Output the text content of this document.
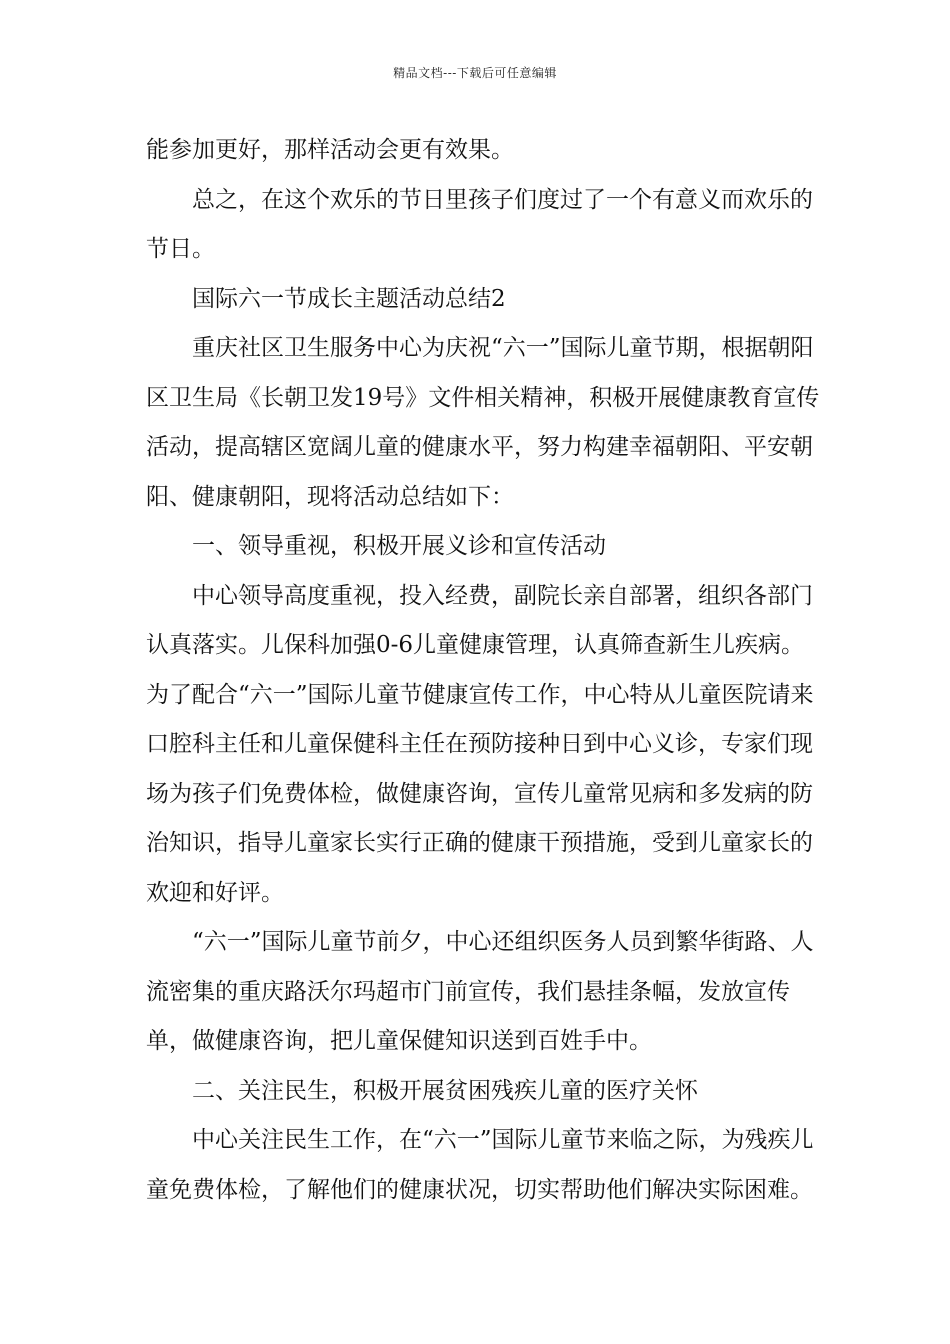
精品文档---下载后可任意编辑

能参加更好，那样活动会更有效果。

总之，在这个欢乐的节日里孩子们度过了一个有意义而欢乐的节日。

国际六一节成长主题活动总结2

重庆社区卫生服务中心为庆祝“六一”国际儿童节期，根据朝阳区卫生局《长朝卫发19号》文件相关精神，积极开展健康教育宣传活动，提高辖区宽阔儿童的健康水平，努力构建幸福朝阳、平安朝阳、健康朝阳，现将活动总结如下：

一、领导重视，积极开展义诊和宣传活动

中心领导高度重视，投入经费，副院长亲自部署，组织各部门认真落实。儿保科加强0-6儿童健康管理，认真筛查新生儿疾病。为了配合“六一”国际儿童节健康宣传工作，中心特从儿童医院请来口腔科主任和儿童保健科主任在预防接种日到中心义诊，专家们现场为孩子们免费体检，做健康咨询，宣传儿童常见病和多发病的防治知识，指导儿童家长实行正确的健康干预措施，受到儿童家长的欢迎和好评。

“六一”国际儿童节前夕，中心还组织医务人员到繁华街路、人流密集的重庆路沃尔玛超市门前宣传，我们悬挂条幅，发放宣传单，做健康咨询，把儿童保健知识送到百姓手中。

二、关注民生，积极开展贫困残疾儿童的医疗关怀

中心关注民生工作，在“六一”国际儿童节来临之际，为残疾儿童免费体检，了解他们的健康状况，切实帮助他们解决实际困难。
